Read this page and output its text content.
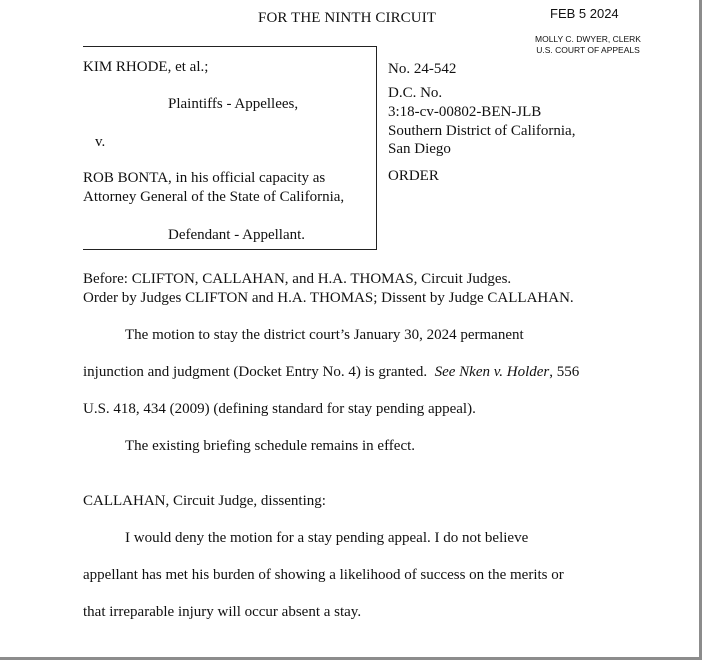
FOR THE NINTH CIRCUIT	FEB 5 2024
MOLLY C. DWYER, CLERK
U.S. COURT OF APPEALS
KIM RHODE, et al.;
Plaintiffs - Appellees,
v.
ROB BONTA, in his official capacity as
Attorney General of the State of California,
Defendant - Appellant.
No. 24-542
D.C. No.
3:18-cv-00802-BEN-JLB
Southern District of California,
San Diego
ORDER
Before: CLIFTON, CALLAHAN, and H.A. THOMAS, Circuit Judges.
Order by Judges CLIFTON and H.A. THOMAS; Dissent by Judge CALLAHAN.
The motion to stay the district court’s January 30, 2024 permanent
injunction and judgment (Docket Entry No. 4) is granted. See Nken v. Holder, 556
U.S. 418, 434 (2009) (defining standard for stay pending appeal).
The existing briefing schedule remains in effect.
CALLAHAN, Circuit Judge, dissenting:
I would deny the motion for a stay pending appeal. I do not believe
appellant has met his burden of showing a likelihood of success on the merits or
that irreparable injury will occur absent a stay.
